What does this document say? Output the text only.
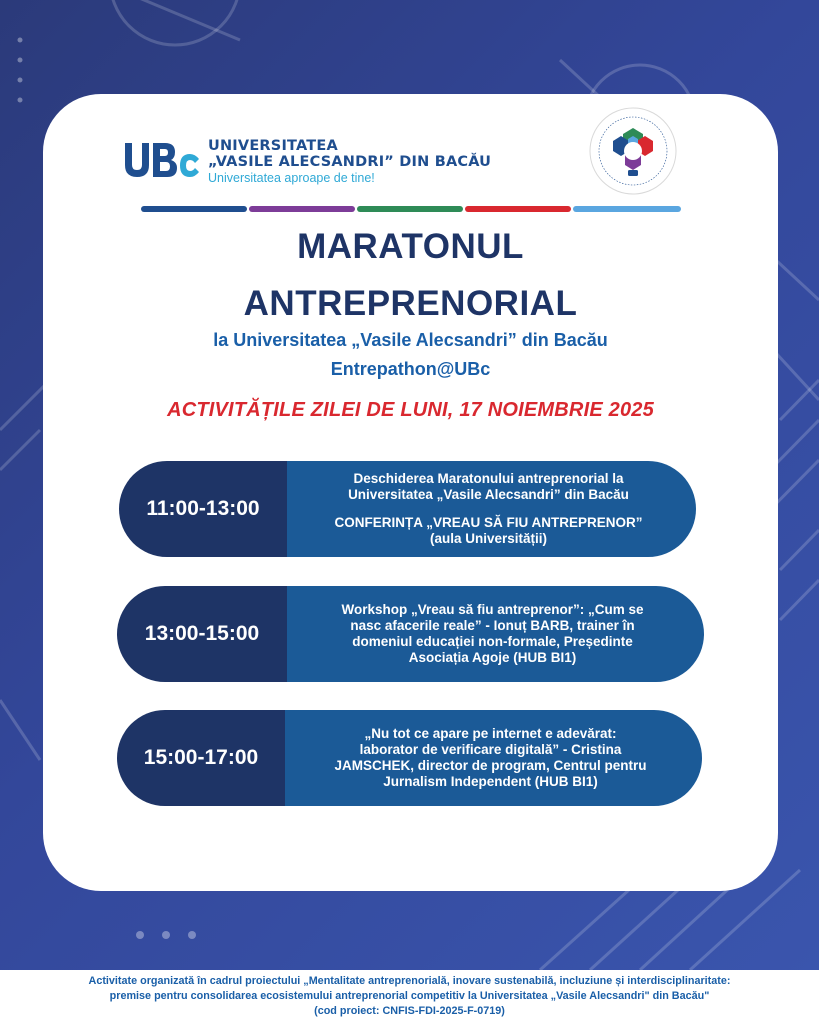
UNIVERSITATEA
„VASILE ALECSANDRI” DIN BACĂU
Universitatea aproape de tine!
MARATONUL
ANTREPRENORIAL
la Universitatea „Vasile Alecsandri” din Bacău
Entrepathon@UBc
ACTIVITĂȚILE ZILEI DE LUNI, 17 NOIEMBRIE 2025
11:00-13:00
Deschiderea Maratonului antreprenorial la
Universitatea „Vasile Alecsandri” din Bacău
CONFERINȚA „VREAU SĂ FIU ANTREPRENOR”
(aula Universității)
13:00-15:00
Workshop „Vreau să fiu antreprenor”: „Cum se
nasc afacerile reale” - Ionuț BARB, trainer în
domeniul educației non-formale, Președinte
Asociația Agoje (HUB BI1)
15:00-17:00
„Nu tot ce apare pe internet e adevărat:
laborator de verificare digitală” - Cristina
JAMSCHEK, director de program, Centrul pentru
Jurnalism Independent (HUB BI1)
Activitate organizată în cadrul proiectului „Mentalitate antreprenorială, inovare sustenabilă, incluziune și interdisciplinaritate:
premise pentru consolidarea ecosistemului antreprenorial competitiv la Universitatea „Vasile Alecsandri" din Bacău"
(cod proiect: CNFIS-FDI-2025-F-0719)
